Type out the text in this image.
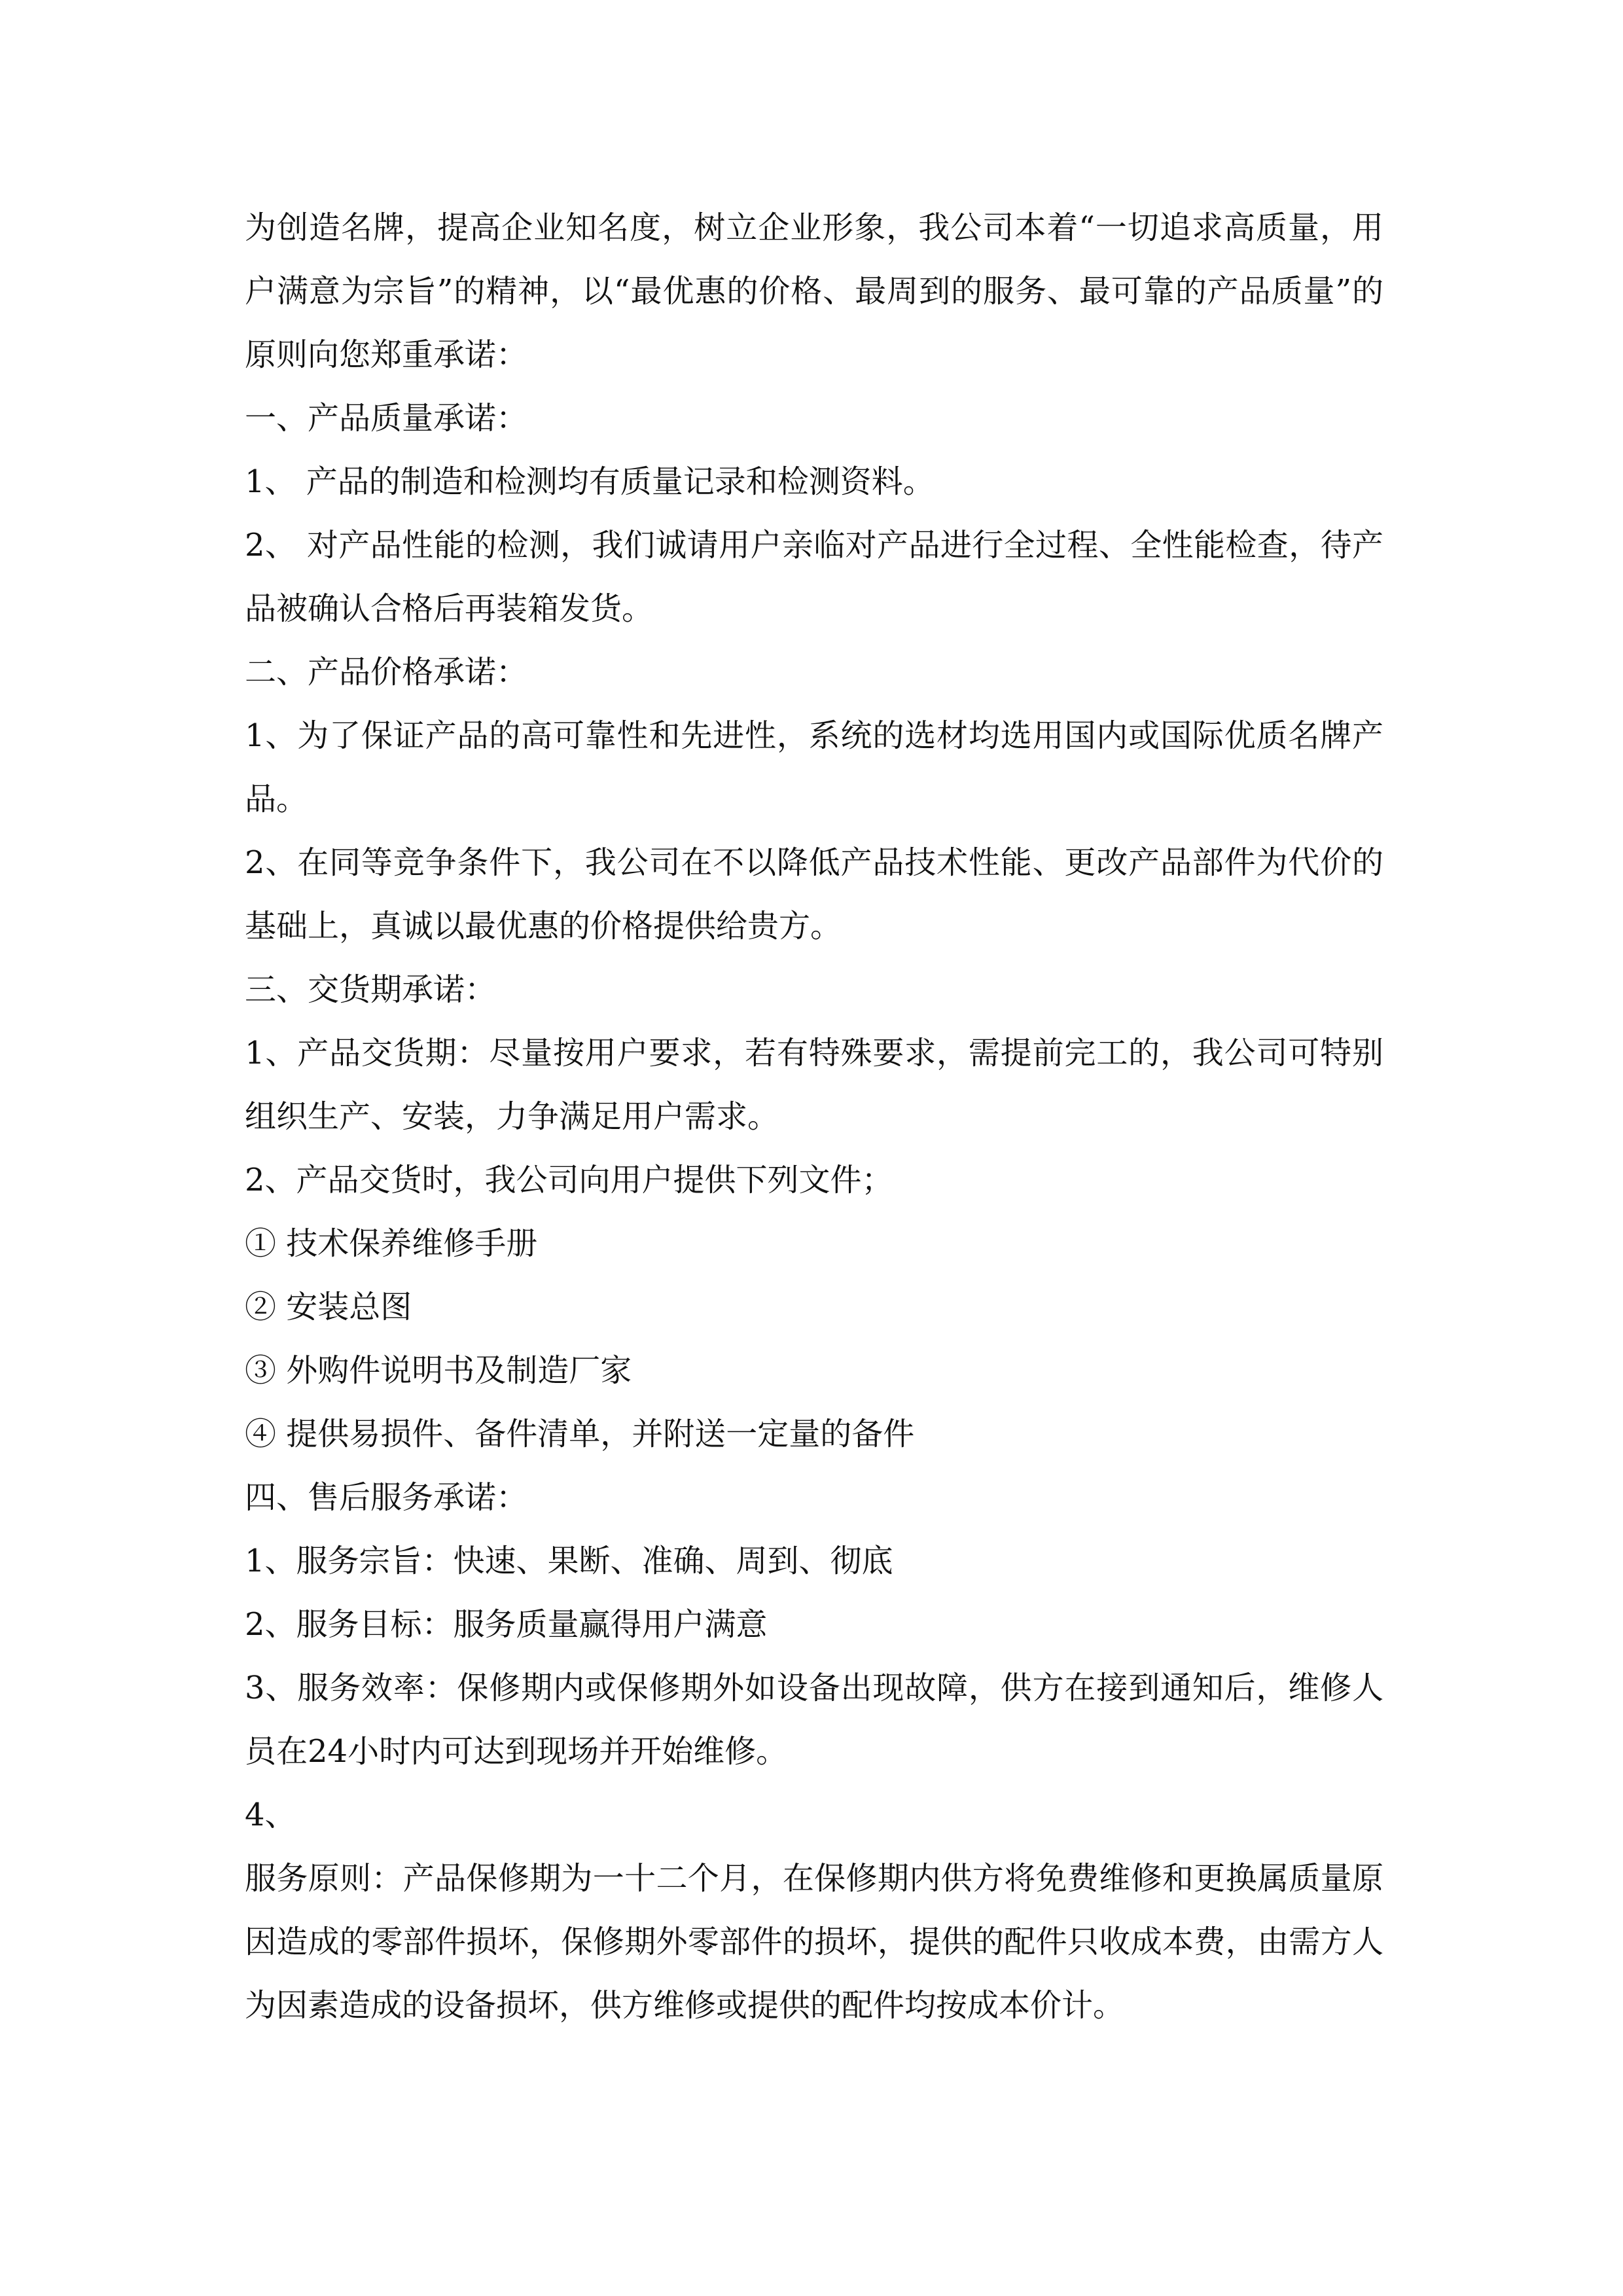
为创造名牌，提高企业知名度，树立企业形象，我公司本着“一切追求高质量，用户满意为宗旨”的精神，以“最优惠的价格、最周到的服务、最可靠的产品质量”的原则向您郑重承诺：

一、产品质量承诺：

1、 产品的制造和检测均有质量记录和检测资料。

2、 对产品性能的检测，我们诚请用户亲临对产品进行全过程、全性能检查，待产品被确认合格后再装箱发货。

二、产品价格承诺：

1、为了保证产品的高可靠性和先进性，系统的选材均选用国内或国际优质名牌产品。

2、在同等竞争条件下，我公司在不以降低产品技术性能、更改产品部件为代价的基础上，真诚以最优惠的价格提供给贵方。

三、交货期承诺：

1、产品交货期：尽量按用户要求，若有特殊要求，需提前完工的，我公司可特别组织生产、安装，力争满足用户需求。

2、产品交货时，我公司向用户提供下列文件；

① 技术保养维修手册

② 安装总图

③ 外购件说明书及制造厂家

④ 提供易损件、备件清单，并附送一定量的备件

四、售后服务承诺：

1、服务宗旨：快速、果断、准确、周到、彻底

2、服务目标：服务质量赢得用户满意

3、服务效率：保修期内或保修期外如设备出现故障，供方在接到通知后，维修人员在24小时内可达到现场并开始维修。

4、

服务原则：产品保修期为一十二个月，在保修期内供方将免费维修和更换属质量原因造成的零部件损坏，保修期外零部件的损坏，提供的配件只收成本费，由需方人为因素造成的设备损坏，供方维修或提供的配件均按成本价计。
